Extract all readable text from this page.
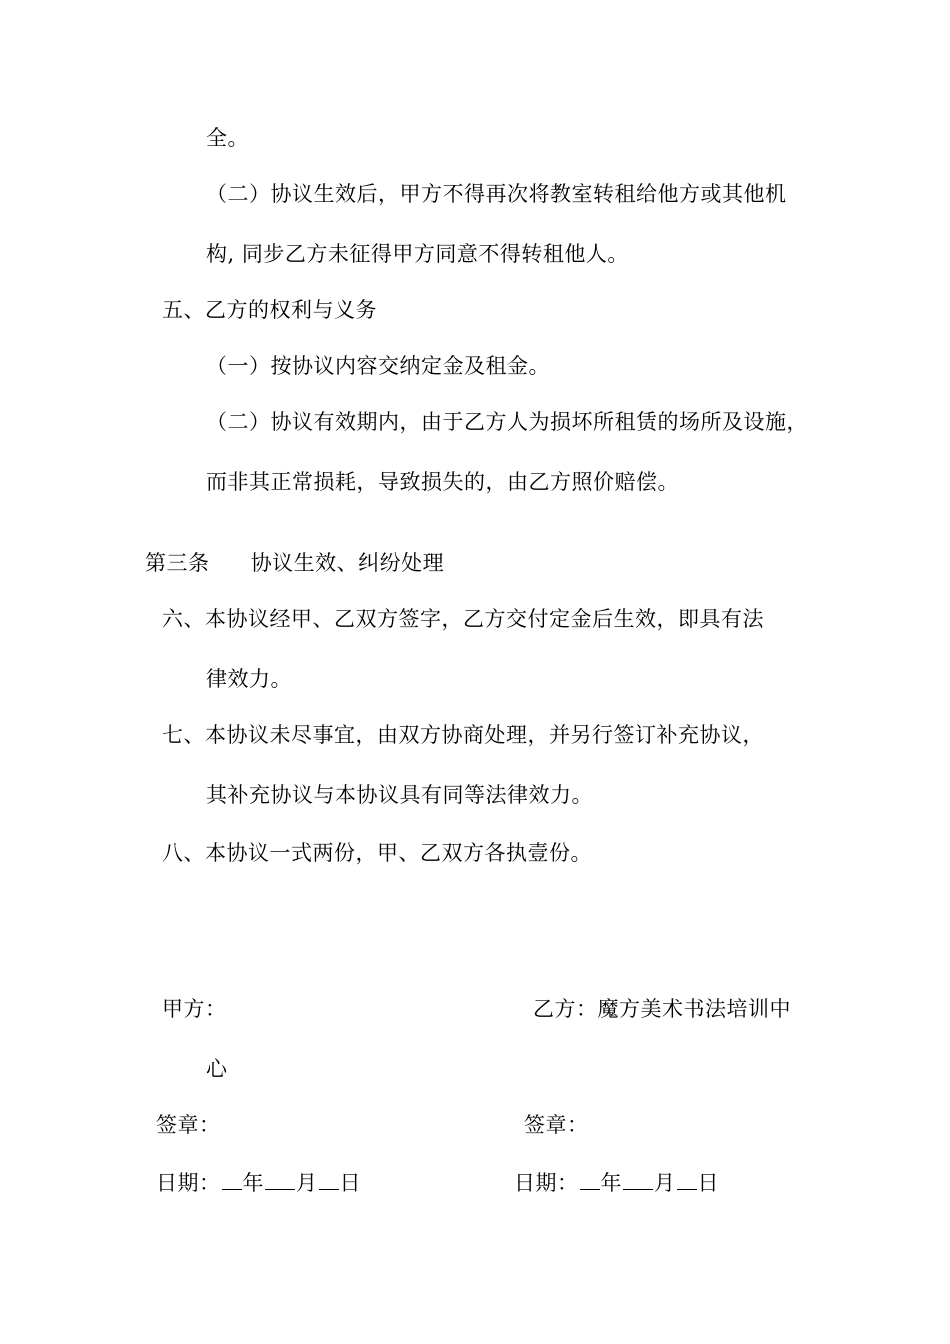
全。
（二）协议生效后，甲方不得再次将教室转租给他方或其他机
构, 同步乙方未征得甲方同意不得转租他人。
五、乙方的权利与义务
（一）按协议内容交纳定金及租金。
（二）协议有效期内，由于乙方人为损坏所租赁的场所及设施，
而非其正常损耗，导致损失的，由乙方照价赔偿。
第三条 协议生效、纠纷处理
六、本协议经甲、乙双方签字，乙方交付定金后生效，即具有法
律效力。
七、本协议未尽事宜，由双方协商处理，并另行签订补充协议，
其补充协议与本协议具有同等法律效力。
八、本协议一式两份，甲、乙双方各执壹份。
甲方：	乙方：魔方美术书法培训中
心
签章：	签章：
日期： 年 月 日	日期： 年 月 日
